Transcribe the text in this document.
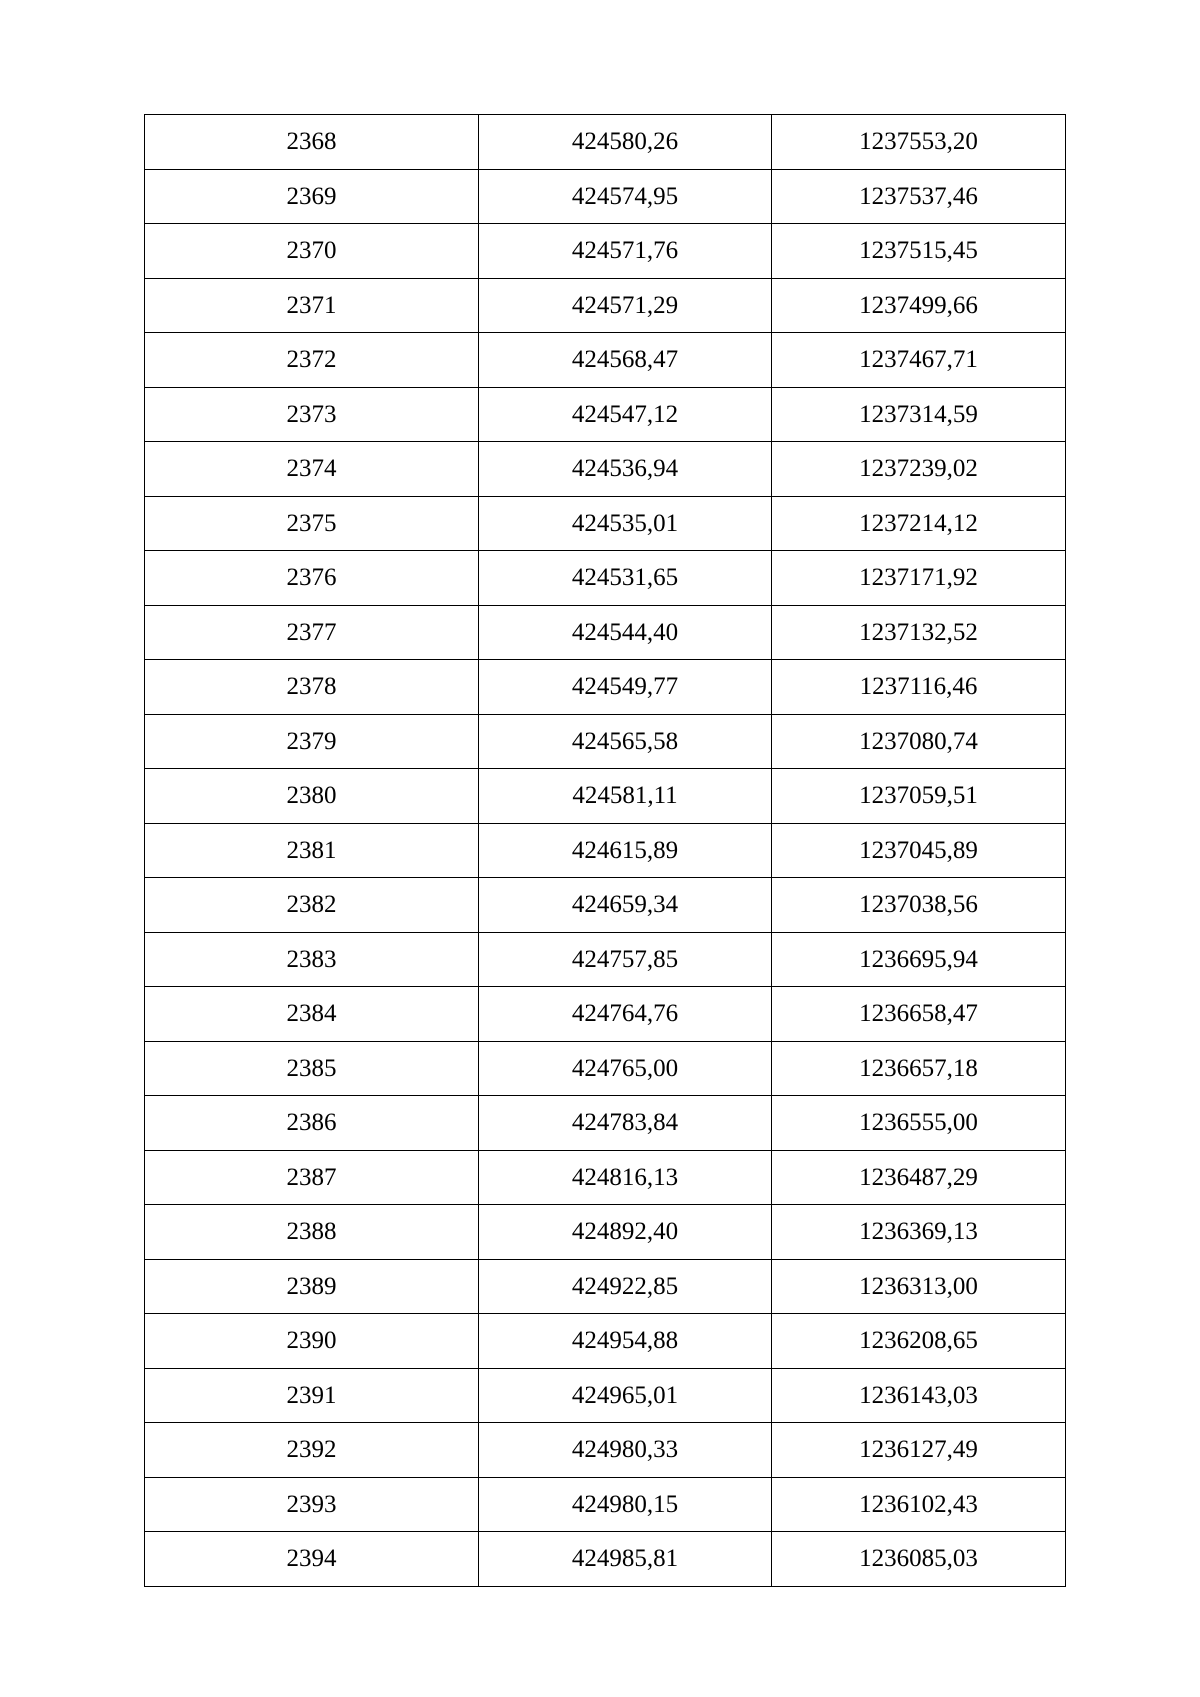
2368	424580,26	1237553,20
2369	424574,95	1237537,46
2370	424571,76	1237515,45
2371	424571,29	1237499,66
2372	424568,47	1237467,71
2373	424547,12	1237314,59
2374	424536,94	1237239,02
2375	424535,01	1237214,12
2376	424531,65	1237171,92
2377	424544,40	1237132,52
2378	424549,77	1237116,46
2379	424565,58	1237080,74
2380	424581,11	1237059,51
2381	424615,89	1237045,89
2382	424659,34	1237038,56
2383	424757,85	1236695,94
2384	424764,76	1236658,47
2385	424765,00	1236657,18
2386	424783,84	1236555,00
2387	424816,13	1236487,29
2388	424892,40	1236369,13
2389	424922,85	1236313,00
2390	424954,88	1236208,65
2391	424965,01	1236143,03
2392	424980,33	1236127,49
2393	424980,15	1236102,43
2394	424985,81	1236085,03
